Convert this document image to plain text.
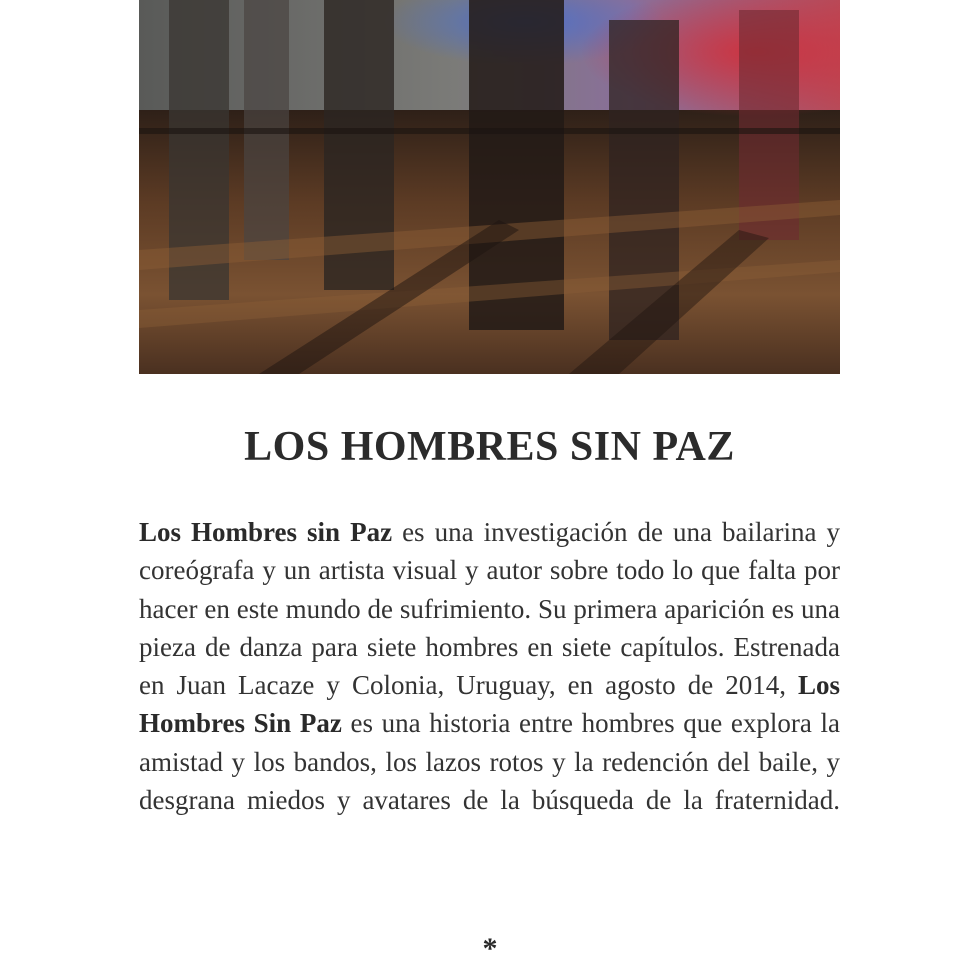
LOS HOMBRES SIN PAZ
Los Hombres sin Paz es una investigación de una bailarina y coreógrafa y un artista visual y autor sobre todo lo que falta por hacer en este mundo de sufrimiento. Su primera aparición es una pieza de danza para siete hombres en siete capítulos. Estrenada en Juan Lacaze y Colonia, Uruguay, en agosto de 2014, Los Hombres Sin Paz es una historia entre hombres que explora la amistad y los bandos, los lazos rotos y la redención del baile, y desgrana miedos y avatares de la búsqueda de la fraternidad.
*
